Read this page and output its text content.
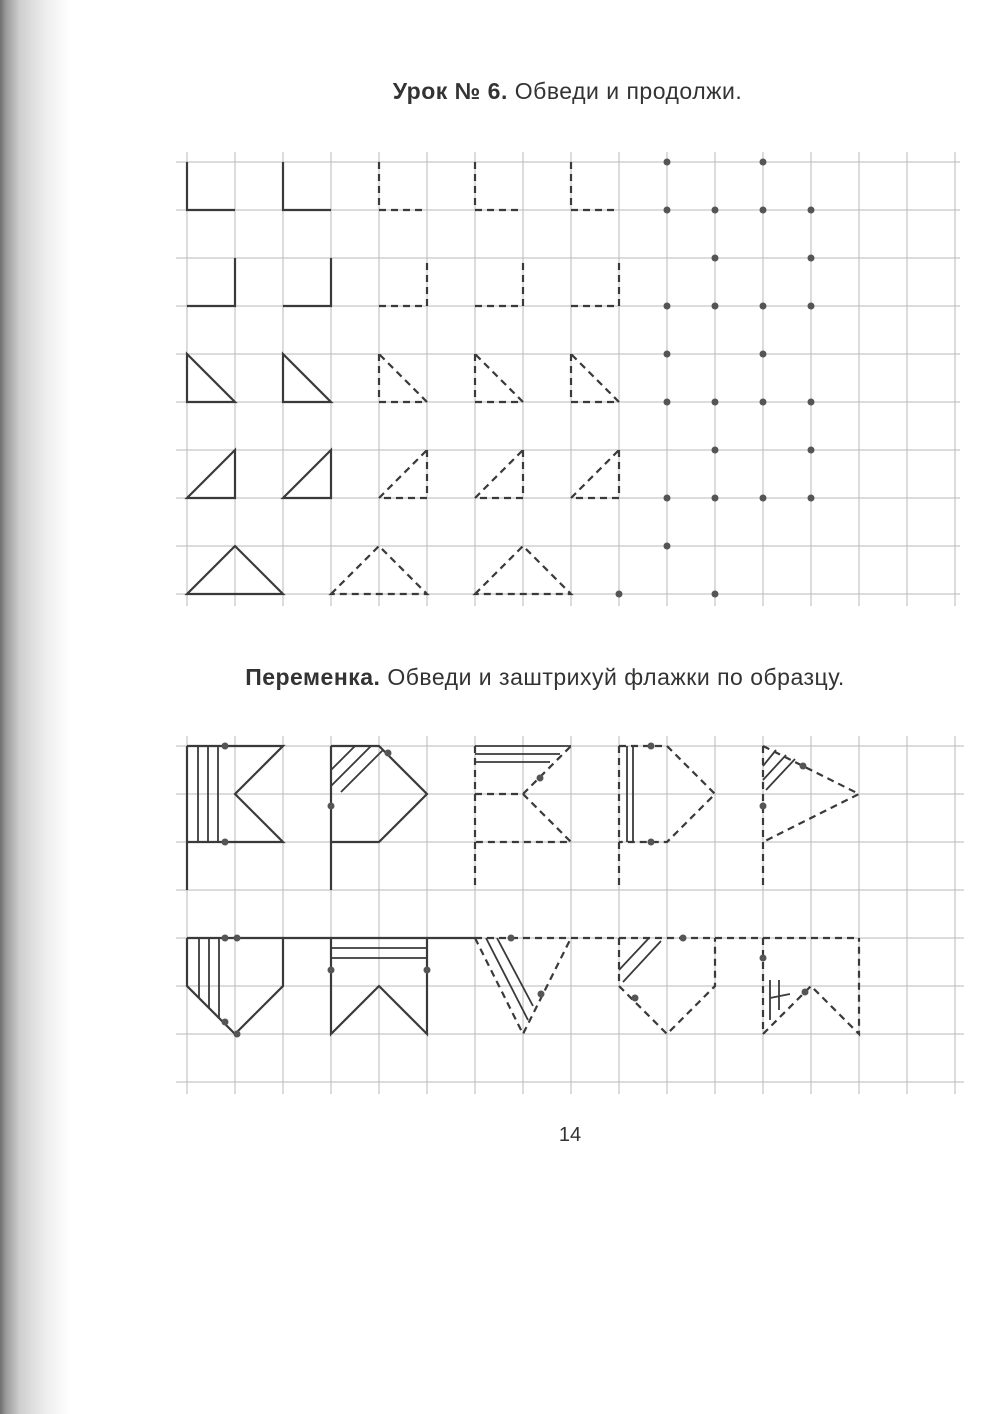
Урок № 6. Обведи и продолжи.
Переменка. Обведи и заштрихуй флажки по образцу.
14
